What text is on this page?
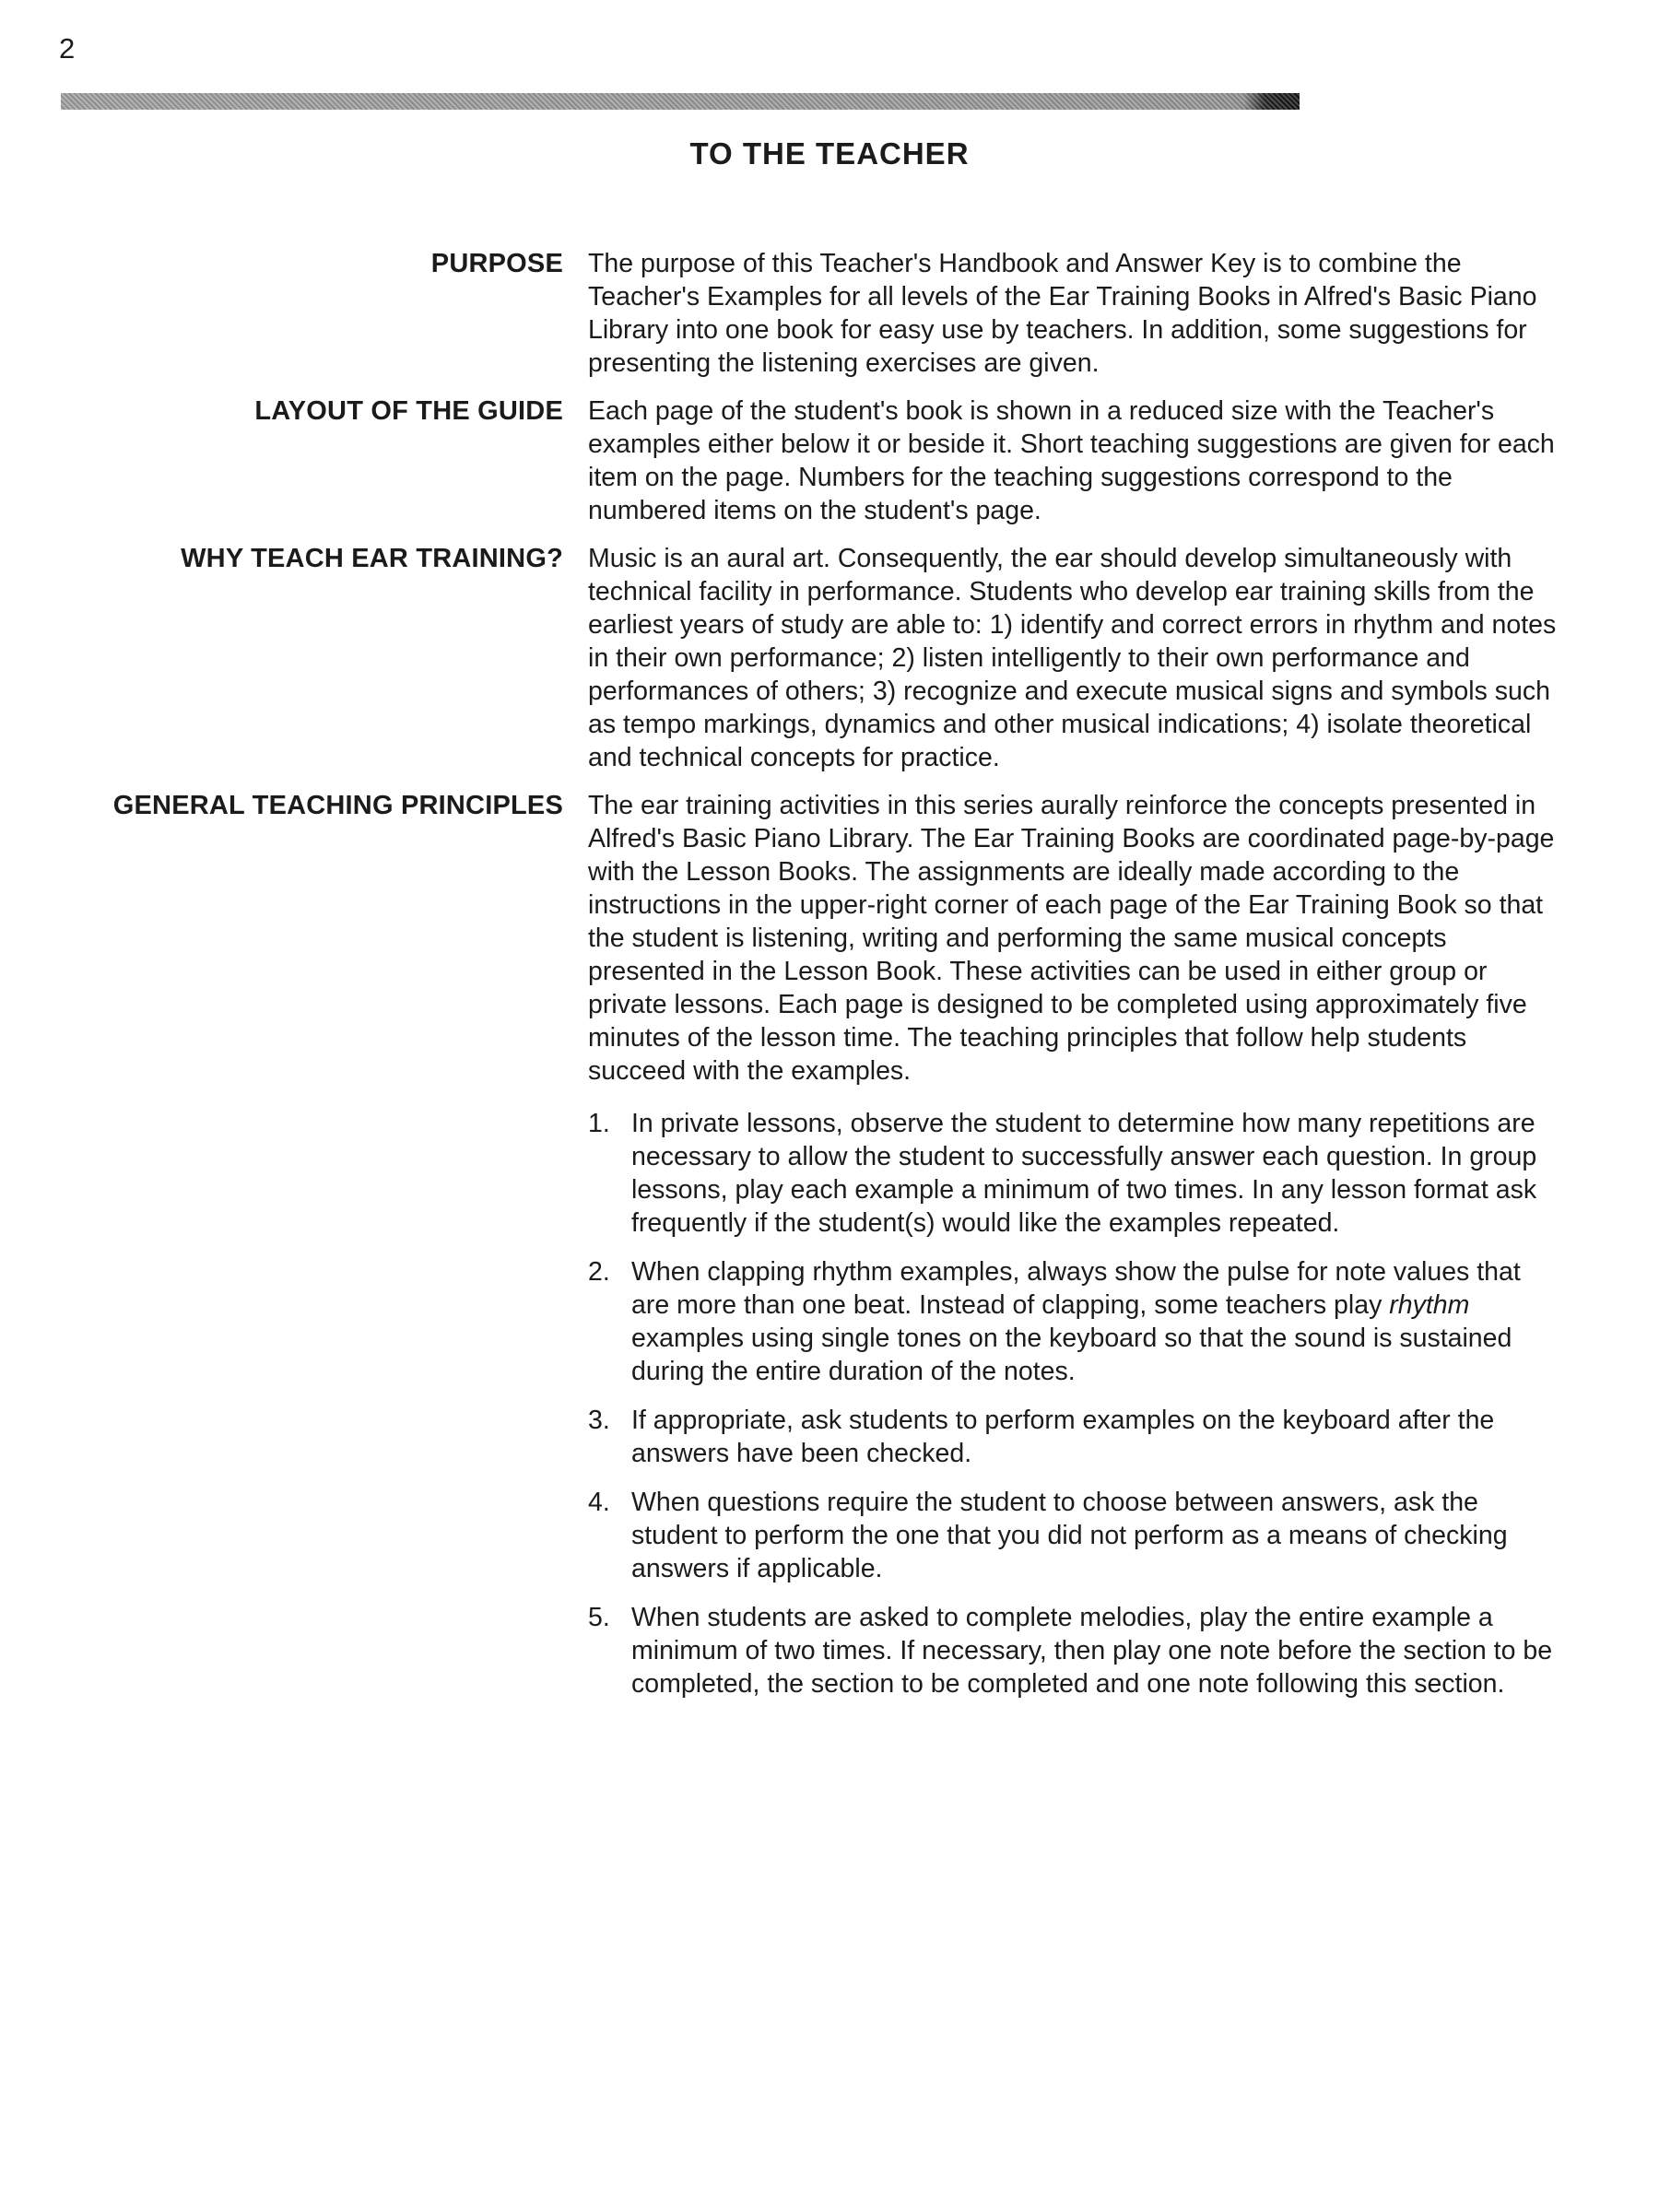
2
TO THE TEACHER
PURPOSE The purpose of this Teacher's Handbook and Answer Key is to combine the Teacher's Examples for all levels of the Ear Training Books in Alfred's Basic Piano Library into one book for easy use by teachers. In addition, some suggestions for presenting the listening exercises are given.
LAYOUT OF THE GUIDE Each page of the student's book is shown in a reduced size with the Teacher's examples either below it or beside it. Short teaching suggestions are given for each item on the page. Numbers for the teaching suggestions correspond to the numbered items on the student's page.
WHY TEACH EAR TRAINING? Music is an aural art. Consequently, the ear should develop simultaneously with technical facility in performance. Students who develop ear training skills from the earliest years of study are able to: 1) identify and correct errors in rhythm and notes in their own performance; 2) listen intelligently to their own performance and performances of others; 3) recognize and execute musical signs and symbols such as tempo markings, dynamics and other musical indications; 4) isolate theoretical and technical concepts for practice.
GENERAL TEACHING PRINCIPLES The ear training activities in this series aurally reinforce the concepts presented in Alfred's Basic Piano Library. The Ear Training Books are coordinated page-by-page with the Lesson Books. The assignments are ideally made according to the instructions in the upper-right corner of each page of the Ear Training Book so that the student is listening, writing and performing the same musical concepts presented in the Lesson Book. These activities can be used in either group or private lessons. Each page is designed to be completed using approximately five minutes of the lesson time. The teaching principles that follow help students succeed with the examples.
1. In private lessons, observe the student to determine how many repetitions are necessary to allow the student to successfully answer each question. In group lessons, play each example a minimum of two times. In any lesson format ask frequently if the student(s) would like the examples repeated.
2. When clapping rhythm examples, always show the pulse for note values that are more than one beat. Instead of clapping, some teachers play rhythm examples using single tones on the keyboard so that the sound is sustained during the entire duration of the notes.
3. If appropriate, ask students to perform examples on the keyboard after the answers have been checked.
4. When questions require the student to choose between answers, ask the student to perform the one that you did not perform as a means of checking answers if applicable.
5. When students are asked to complete melodies, play the entire example a minimum of two times. If necessary, then play one note before the section to be completed, the section to be completed and one note following this section.
